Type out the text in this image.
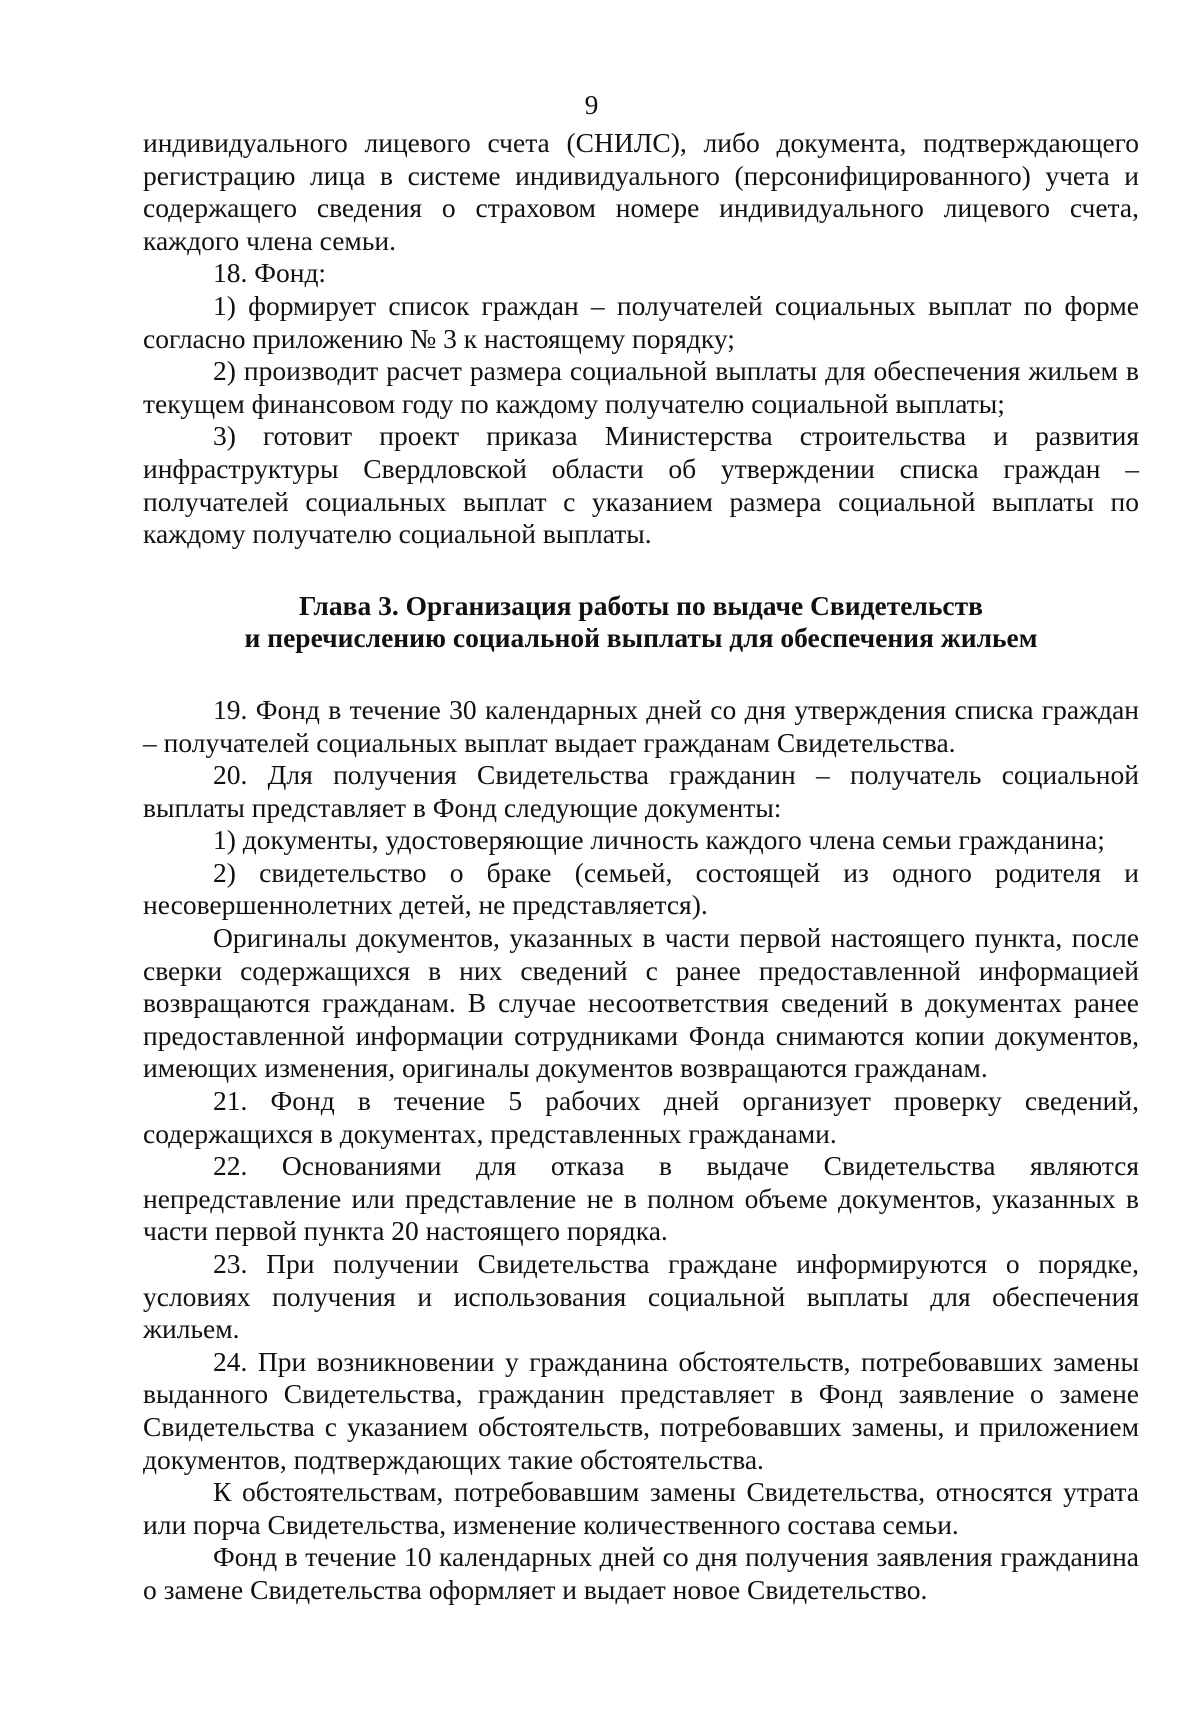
9

индивидуального лицевого счета (СНИЛС), либо документа, подтверждающего регистрацию лица в системе индивидуального (персонифицированного) учета и содержащего сведения о страховом номере индивидуального лицевого счета, каждого члена семьи.

18. Фонд:

1) формирует список граждан – получателей социальных выплат по форме согласно приложению № 3 к настоящему порядку;

2) производит расчет размера социальной выплаты для обеспечения жильем в текущем финансовом году по каждому получателю социальной выплаты;

3) готовит проект приказа Министерства строительства и развития инфраструктуры Свердловской области об утверждении списка граждан – получателей социальных выплат с указанием размера социальной выплаты по каждому получателю социальной выплаты.

Глава 3. Организация работы по выдаче Свидетельств
и перечислению социальной выплаты для обеспечения жильем

19. Фонд в течение 30 календарных дней со дня утверждения списка граждан – получателей социальных выплат выдает гражданам Свидетельства.

20. Для получения Свидетельства гражданин – получатель социальной выплаты представляет в Фонд следующие документы:

1) документы, удостоверяющие личность каждого члена семьи гражданина;

2) свидетельство о браке (семьей, состоящей из одного родителя и несовершеннолетних детей, не представляется).

Оригиналы документов, указанных в части первой настоящего пункта, после сверки содержащихся в них сведений с ранее предоставленной информацией возвращаются гражданам. В случае несоответствия сведений в документах ранее предоставленной информации сотрудниками Фонда снимаются копии документов, имеющих изменения, оригиналы документов возвращаются гражданам.

21. Фонд в течение 5 рабочих дней организует проверку сведений, содержащихся в документах, представленных гражданами.

22. Основаниями для отказа в выдаче Свидетельства являются непредставление или представление не в полном объеме документов, указанных в части первой пункта 20 настоящего порядка.

23. При получении Свидетельства граждане информируются о порядке, условиях получения и использования социальной выплаты для обеспечения жильем.

24. При возникновении у гражданина обстоятельств, потребовавших замены выданного Свидетельства, гражданин представляет в Фонд заявление о замене Свидетельства с указанием обстоятельств, потребовавших замены, и приложением документов, подтверждающих такие обстоятельства.

К обстоятельствам, потребовавшим замены Свидетельства, относятся утрата или порча Свидетельства, изменение количественного состава семьи.

Фонд в течение 10 календарных дней со дня получения заявления гражданина о замене Свидетельства оформляет и выдает новое Свидетельство.
